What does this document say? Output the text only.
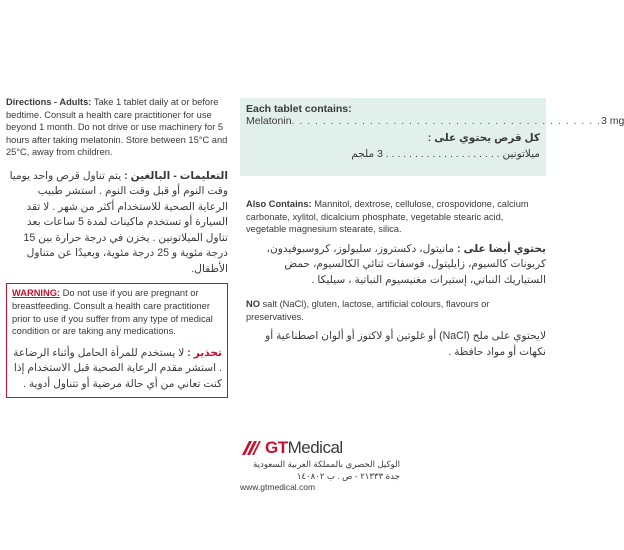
Directions - Adults: Take 1 tablet daily at or before bedtime. Consult a health care practitioner for use beyond 1 month. Do not drive or use machinery for 5 hours after taking melatonin. Store between 15°C and 25°C, away from children.

التعليمات - البالغين : يتم تناول قرص واحد يوميا وقت النوم أو قبل وقت النوم . استشر طبيب الرعاية الصحية للاستخدام أكثر من شهر . لا تقد السيارة أو تستخدم ماكينات لمدة 5 ساعات بعد تناول الميلاتونين . يخزن في درجة حرارة بين 15 درجة مئوية و 25 درجة مئوية، وبعيدًا عن متناول الأطفال.

WARNING: Do not use if you are pregnant or breastfeeding. Consult a health care practitioner prior to use if you suffer from any type of medical condition or are taking any medications.

تحذير : لا يستخدم للمرأة الحامل وأثناء الرضاعة . استشر مقدم الرعاية الصحية قبل الاستخدام إذا كنت تعاني من أي حالة مرضية أو تتناول أدوية .

Each tablet contains:
Melatonin . . . . . . . . . . . . . . . . . . . . . . . . . . . . . . . . . . . . . . . . 3 mg
كل قرص يحتوي على :
ميلاتونين . . . . . . . . . . . . . . . . . . . . 3 ملجم

Also Contains: Mannitol, dextrose, cellulose, crospovidone, calcium carbonate, xylitol, dicalcium phosphate, vegetable stearic acid, vegetable magnesium stearate, silica.

يحتوي أيضا على : مانيتول، دكستروز، سليولوز، كروسبوفيدون، كربونات كالسيوم، زايليتول، فوسفات ثنائي الكالسيوم، حمض الستياريك النباتي، إستيرات مغنيسيوم النباتية ، سيليكا .

NO salt (NaCl), gluten, lactose, artificial colours, flavours or preservatives.

لايحتوي على ملح (NaCl) أو غلوتين أو لاكتوز أو ألوان اصطناعية أو نكهات أو مواد حافظة .

GTMedical

الوكيل الحصري بالمملكة العربية السعودية

جدة ٢١٣٣٣ - ص . ب ١٤٠٨٠٢

www.gtmedical.com
